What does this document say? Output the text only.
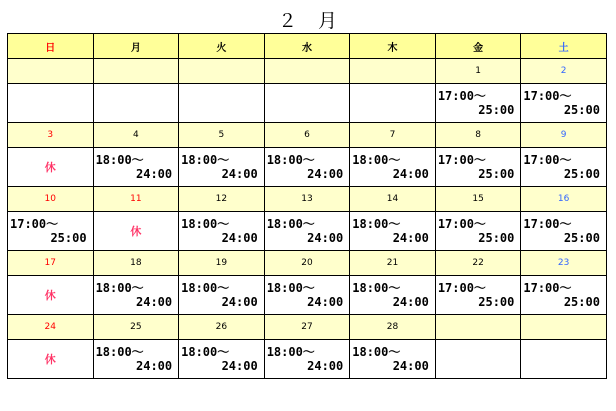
２　月
日	月	火	水	木	金	土
					1	2

					17:00～
25:00	17:00～
25:00

3	4	5	6	7	8	9
休	18:00～
24:00	18:00～
24:00	18:00～
24:00	18:00～
24:00	17:00～
25:00	17:00～
25:00

10	11	12	13	14	15	16

17:00～
25:00	休	18:00～
24:00	18:00～
24:00	18:00～
24:00	17:00～
25:00	17:00～
25:00

17	18	19	20	21	22	23
休	18:00～
24:00	18:00～
24:00	18:00～
24:00	18:00～
24:00	17:00～
25:00	17:00～
25:00

24	25	26	27	28		
休	18:00～
24:00	18:00～
24:00	18:00～
24:00	18:00～
24:00		
